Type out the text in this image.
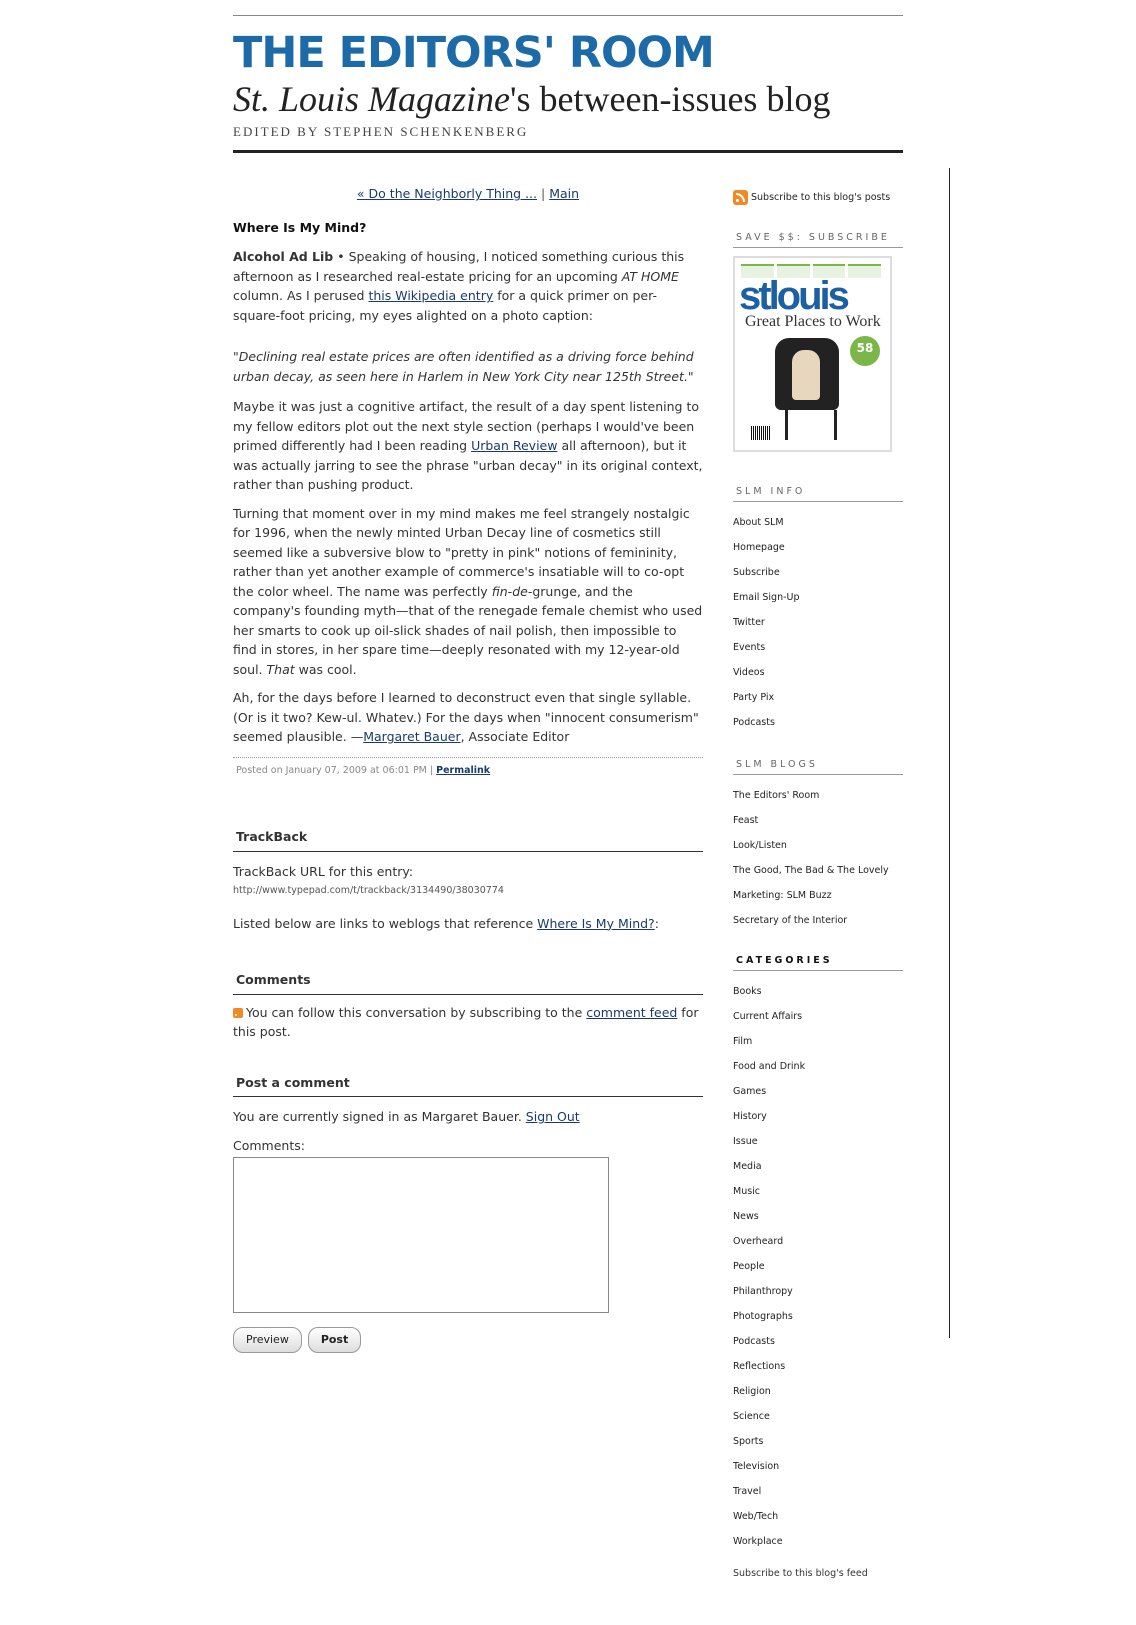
THE EDITORS' ROOM
St. Louis Magazine's between-issues blog
EDITED BY STEPHEN SCHENKENBERG
« Do the Neighborly Thing ... | Main
Where Is My Mind?

Alcohol Ad Lib • Speaking of housing, I noticed something curious this afternoon as I researched real-estate pricing for an upcoming AT HOME column. As I perused this Wikipedia entry for a quick primer on per-square-foot pricing, my eyes alighted on a photo caption:

"Declining real estate prices are often identified as a driving force behind urban decay, as seen here in Harlem in New York City near 125th Street."

Maybe it was just a cognitive artifact, the result of a day spent listening to my fellow editors plot out the next style section (perhaps I would've been primed differently had I been reading Urban Review all afternoon), but it was actually jarring to see the phrase "urban decay" in its original context, rather than pushing product.

Turning that moment over in my mind makes me feel strangely nostalgic for 1996, when the newly minted Urban Decay line of cosmetics still seemed like a subversive blow to "pretty in pink" notions of femininity, rather than yet another example of commerce's insatiable will to co-opt the color wheel. The name was perfectly fin-de-grunge, and the company's founding myth—that of the renegade female chemist who used her smarts to cook up oil-slick shades of nail polish, then impossible to find in stores, in her spare time—deeply resonated with my 12-year-old soul. That was cool.

Ah, for the days before I learned to deconstruct even that single syllable. (Or is it two? Kew-ul. Whatev.) For the days when "innocent consumerism" seemed plausible. —Margaret Bauer, Associate Editor

Posted on January 07, 2009 at 06:01 PM | Permalink
TrackBack
TrackBack URL for this entry:
http://www.typepad.com/t/trackback/3134490/38030774

Listed below are links to weblogs that reference Where Is My Mind?:

Comments

You can follow this conversation by subscribing to the comment feed for this post.

Post a comment

You are currently signed in as Margaret Bauer. Sign Out

Comments:
Preview	Post
Subscribe to this blog's posts
SAVE $$: SUBSCRIBE
stlouis
Great Places to Work
58
SLM INFO
About SLM
Homepage
Subscribe
Email Sign-Up
Twitter
Events
Videos
Party Pix
Podcasts
SLM BLOGS
The Editors' Room
Feast
Look/Listen
The Good, The Bad & The Lovely
Marketing: SLM Buzz
Secretary of the Interior
CATEGORIES
Books
Current Affairs
Film
Food and Drink
Games
History
Issue
Media
Music
News
Overheard
People
Philanthropy
Photographs
Podcasts
Reflections
Religion
Science
Sports
Television
Travel
Web/Tech
Workplace
Subscribe to this blog's feed
